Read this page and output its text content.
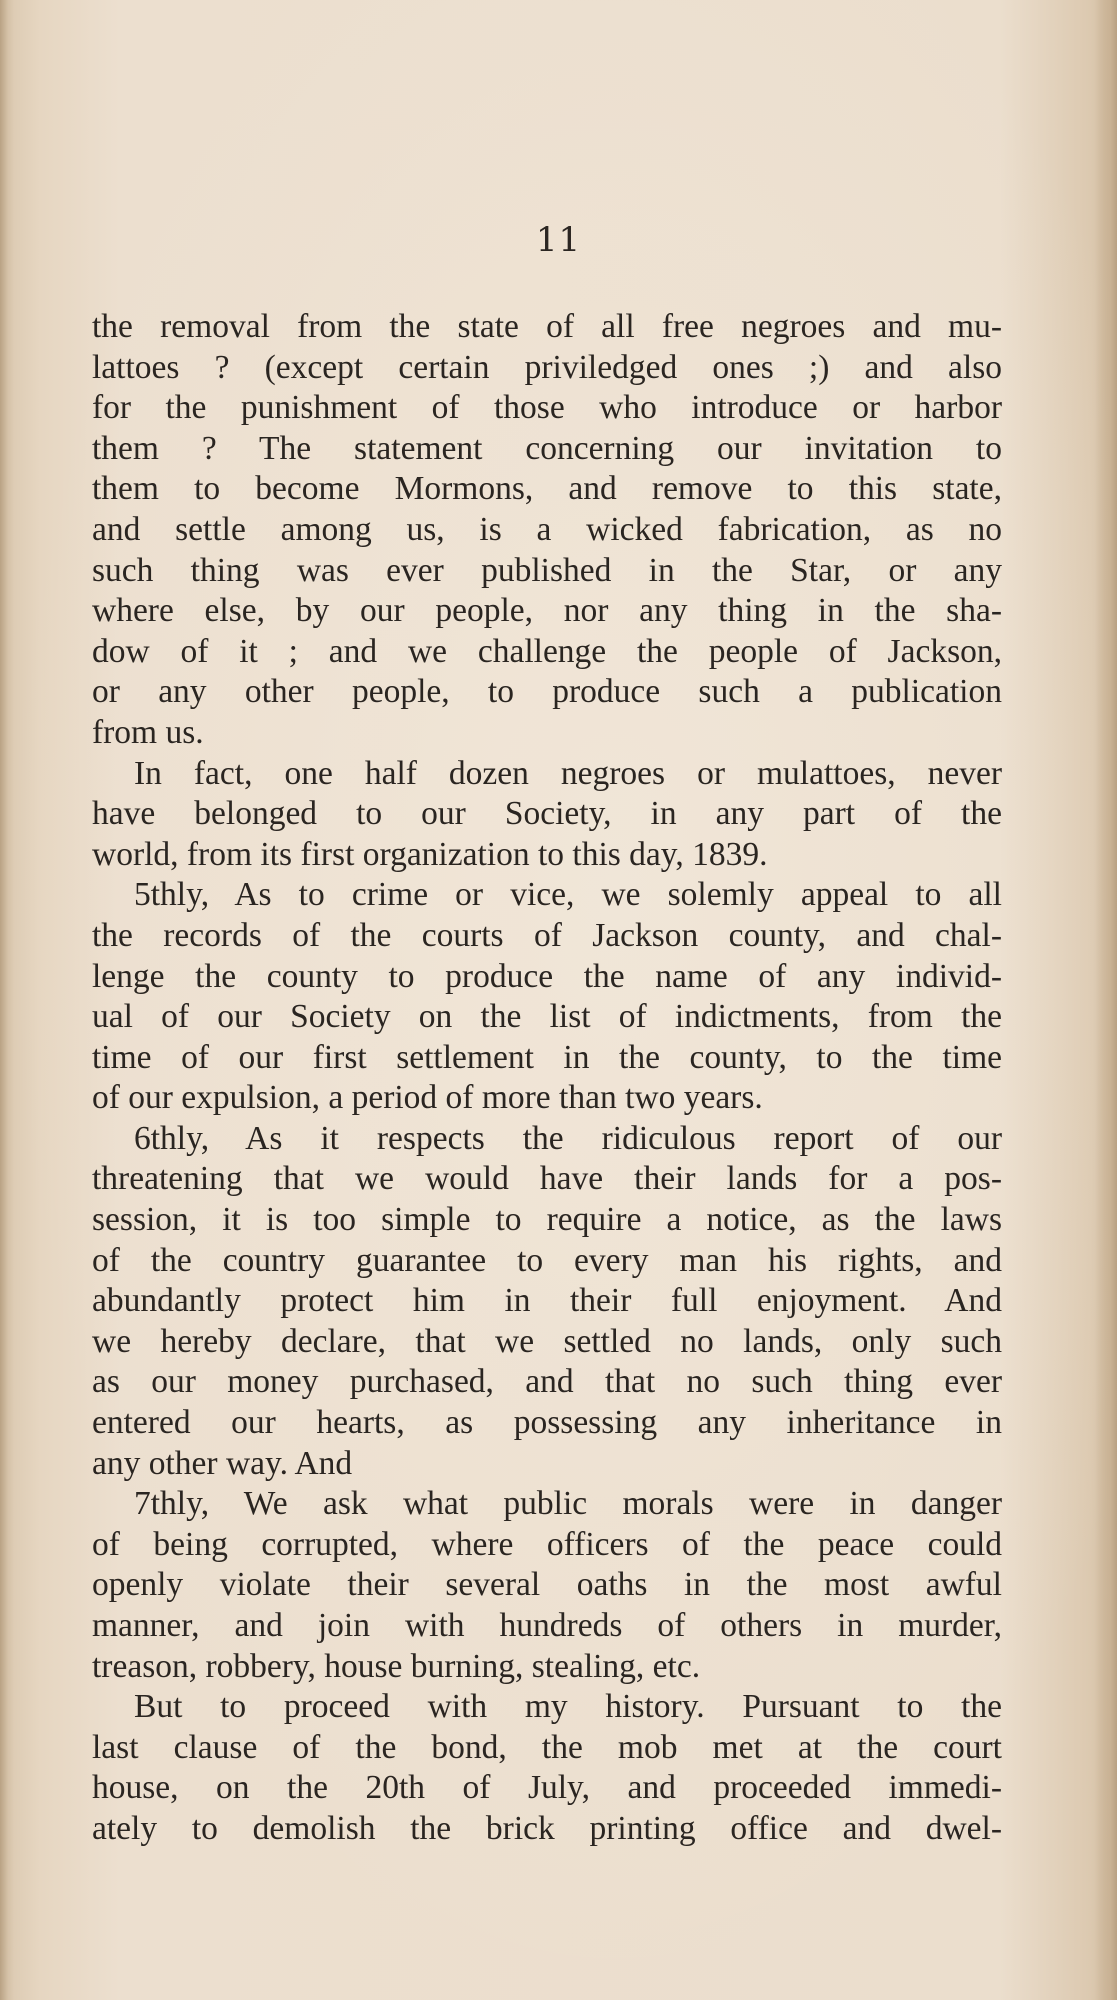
11
the removal from the state of all free negroes and mu-
lattoes ? (except certain priviledged ones ;) and also
for the punishment of those who introduce or harbor
them ? The statement concerning our invitation to
them to become Mormons, and remove to this state,
and settle among us, is a wicked fabrication, as no
such thing was ever published in the Star, or any
where else, by our people, nor any thing in the sha-
dow of it ; and we challenge the people of Jackson,
or any other people, to produce such a publication
from us.
In fact, one half dozen negroes or mulattoes, never
have belonged to our Society, in any part of the
world, from its first organization to this day, 1839.
5thly, As to crime or vice, we solemly appeal to all
the records of the courts of Jackson county, and chal-
lenge the county to produce the name of any individ-
ual of our Society on the list of indictments, from the
time of our first settlement in the county, to the time
of our expulsion, a period of more than two years.
6thly, As it respects the ridiculous report of our
threatening that we would have their lands for a pos-
session, it is too simple to require a notice, as the laws
of the country guarantee to every man his rights, and
abundantly protect him in their full enjoyment. And
we hereby declare, that we settled no lands, only such
as our money purchased, and that no such thing ever
entered our hearts, as possessing any inheritance in
any other way. And
7thly, We ask what public morals were in danger
of being corrupted, where officers of the peace could
openly violate their several oaths in the most awful
manner, and join with hundreds of others in murder,
treason, robbery, house burning, stealing, etc.
But to proceed with my history. Pursuant to the
last clause of the bond, the mob met at the court
house, on the 20th of July, and proceeded immedi-
ately to demolish the brick printing office and dwel-
